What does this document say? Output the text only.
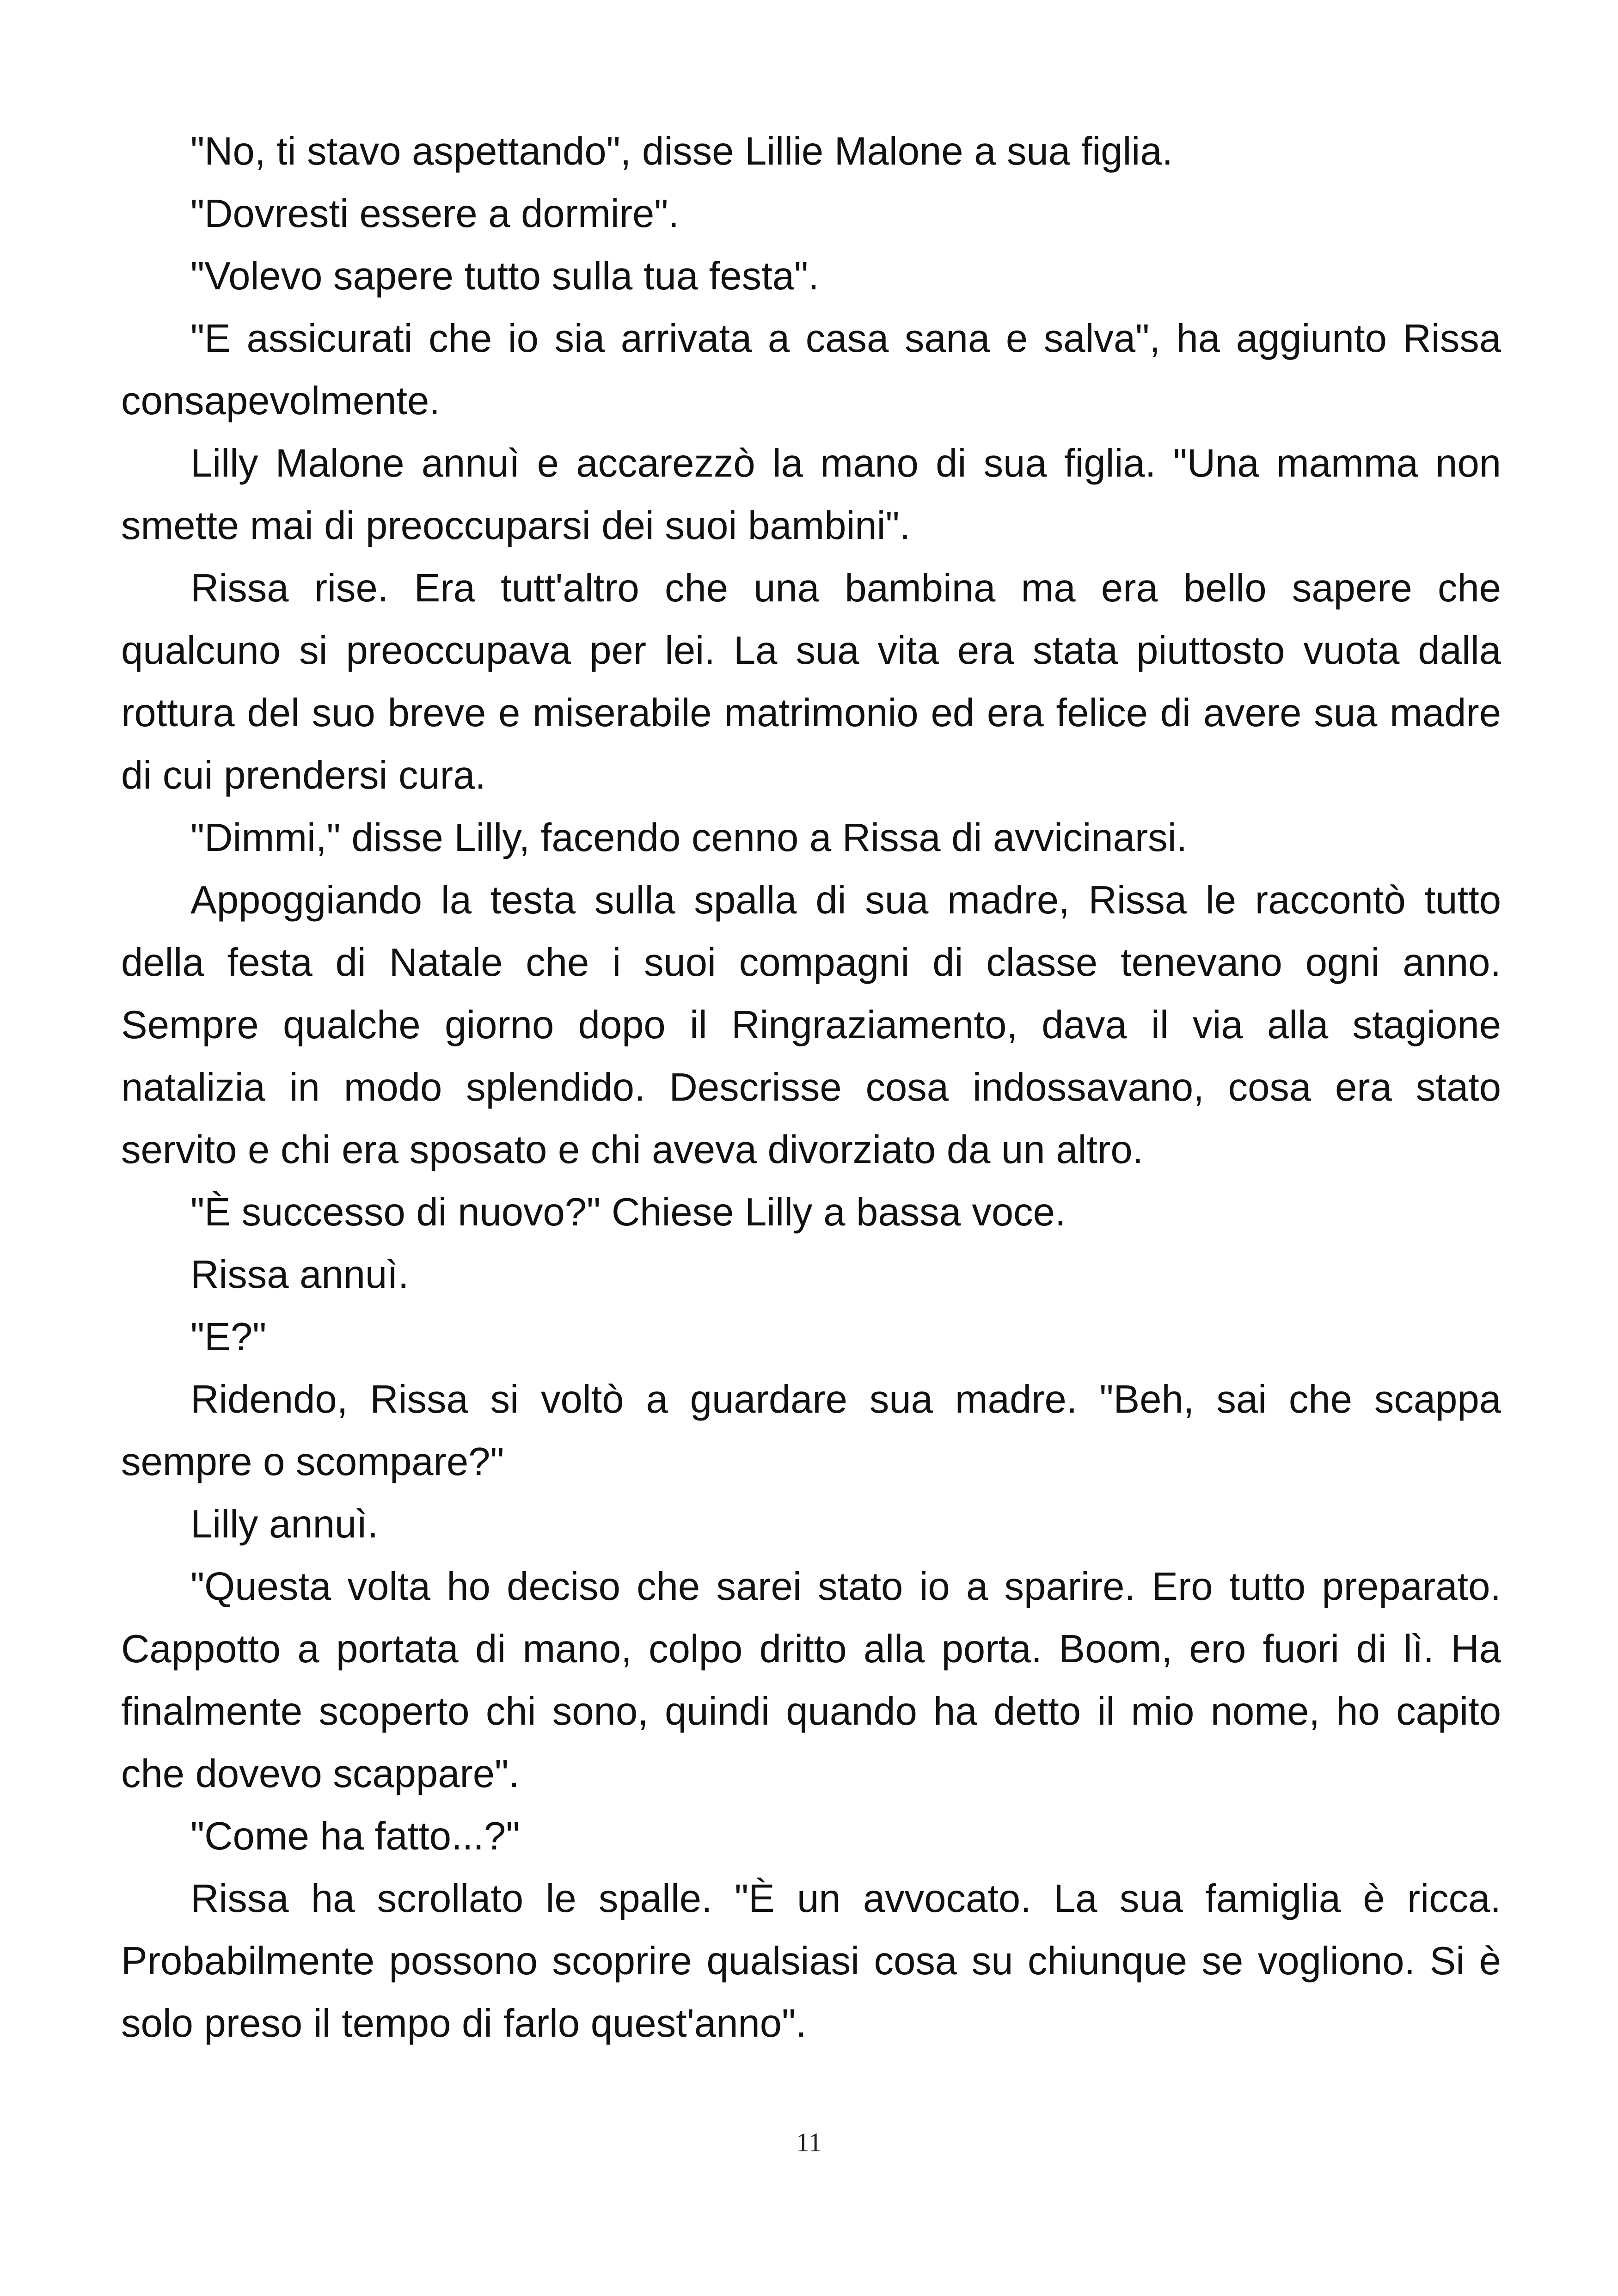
"No, ti stavo aspettando", disse Lillie Malone a sua figlia.

"Dovresti essere a dormire".

"Volevo sapere tutto sulla tua festa".

"E assicurati che io sia arrivata a casa sana e salva", ha aggiunto Rissa consapevolmente.

Lilly Malone annuì e accarezzò la mano di sua figlia. "Una mamma non smette mai di preoccuparsi dei suoi bambini".

Rissa rise. Era tutt'altro che una bambina ma era bello sapere che qualcuno si preoccupava per lei. La sua vita era stata piuttosto vuota dalla rottura del suo breve e miserabile matrimonio ed era felice di avere sua madre di cui prendersi cura.

"Dimmi," disse Lilly, facendo cenno a Rissa di avvicinarsi.

Appoggiando la testa sulla spalla di sua madre, Rissa le raccontò tutto della festa di Natale che i suoi compagni di classe tenevano ogni anno. Sempre qualche giorno dopo il Ringraziamento, dava il via alla stagione natalizia in modo splendido. Descrisse cosa indossavano, cosa era stato servito e chi era sposato e chi aveva divorziato da un altro.

"È successo di nuovo?" Chiese Lilly a bassa voce.

Rissa annuì.

"E?"

Ridendo, Rissa si voltò a guardare sua madre. "Beh, sai che scappa sempre o scompare?"

Lilly annuì.

"Questa volta ho deciso che sarei stato io a sparire. Ero tutto preparato. Cappotto a portata di mano, colpo dritto alla porta. Boom, ero fuori di lì. Ha finalmente scoperto chi sono, quindi quando ha detto il mio nome, ho capito che dovevo scappare".

"Come ha fatto...?"

Rissa ha scrollato le spalle. "È un avvocato. La sua famiglia è ricca. Probabilmente possono scoprire qualsiasi cosa su chiunque se vogliono. Si è solo preso il tempo di farlo quest'anno".

11
